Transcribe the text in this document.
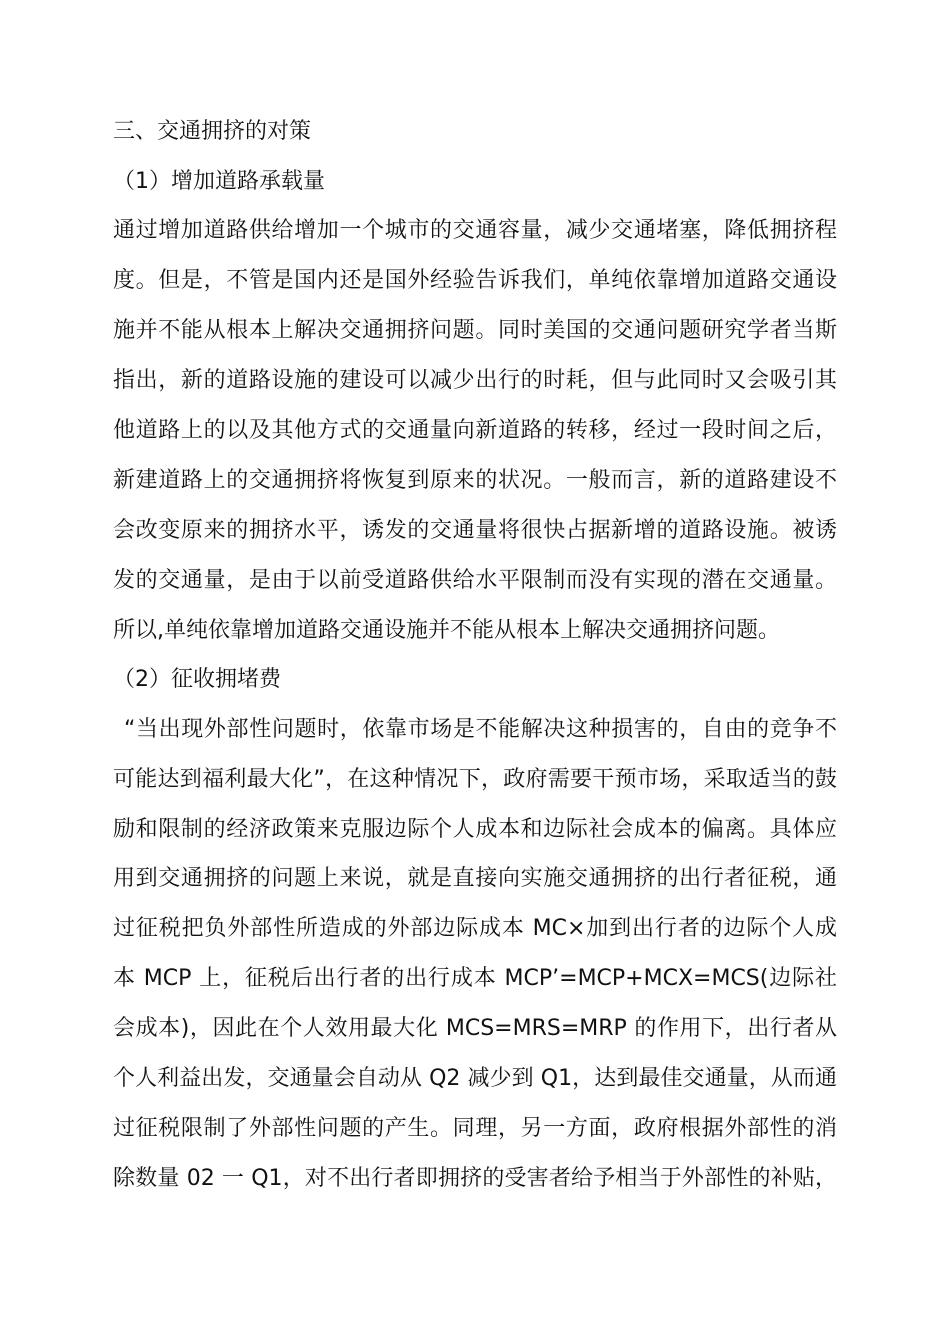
三、交通拥挤的对策
（1）增加道路承载量
通过增加道路供给增加一个城市的交通容量，减少交通堵塞，降低拥挤程
度。但是，不管是国内还是国外经验告诉我们，单纯依靠增加道路交通设
施并不能从根本上解决交通拥挤问题。同时美国的交通问题研究学者当斯
指出，新的道路设施的建设可以减少出行的时耗，但与此同时又会吸引其
他道路上的以及其他方式的交通量向新道路的转移，经过一段时间之后，
新建道路上的交通拥挤将恢复到原来的状况。一般而言，新的道路建设不
会改变原来的拥挤水平，诱发的交通量将很快占据新增的道路设施。被诱
发的交通量，是由于以前受道路供给水平限制而没有实现的潜在交通量。
所以,单纯依靠增加道路交通设施并不能从根本上解决交通拥挤问题。
（2）征收拥堵费
“当出现外部性问题时，依靠市场是不能解决这种损害的，自由的竞争不
可能达到福利最大化”，在这种情况下，政府需要干预市场，采取适当的鼓
励和限制的经济政策来克服边际个人成本和边际社会成本的偏离。具体应
用到交通拥挤的问题上来说，就是直接向实施交通拥挤的出行者征税，通
过征税把负外部性所造成的外部边际成本 MC×加到出行者的边际个人成
本 MCP 上，征税后出行者的出行成本 MCP’=MCP+MCX=MCS(边际社
会成本)，因此在个人效用最大化 MCS=MRS=MRP 的作用下，出行者从
个人利益出发，交通量会自动从 Q2 减少到 Q1，达到最佳交通量，从而通
过征税限制了外部性问题的产生。同理，另一方面，政府根据外部性的消
除数量 02 一 Q1，对不出行者即拥挤的受害者给予相当于外部性的补贴，
